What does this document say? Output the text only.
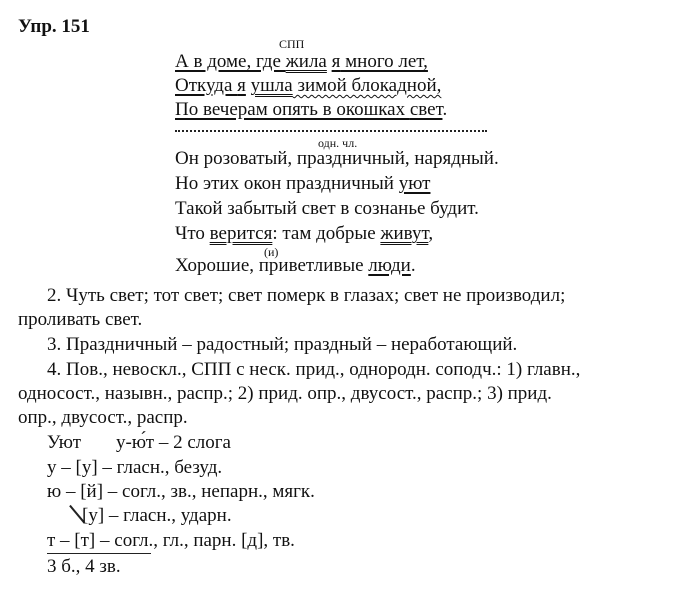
Упр. 151
СПП
А в доме, где жила я много лет,
Откуда я ушла зимой блокадной,
По вечерам опять в окошках свет.
одн. чл.
Он розоватый, праздничный, нарядный.
Но этих окон праздничный уют
Такой забытый свет в сознанье будит.
Что верится: там добрые живут,
(и)
Хорошие, приветливые люди.
2. Чуть свет; тот свет; свет померк в глазах; свет не производил;
проливать свет.
3. Праздничный – радостный; праздный – неработающий.
4. Пов., невоскл., СПП с неск. прид., однородн. соподч.: 1) главн.,
односост., назывн., распр.; 2) прид. опр., двусост., распр.; 3) прид.
опр., двусост., распр.
Уют у-ю́т – 2 слога
у – [у] – гласн., безуд.
ю – [й] – согл., зв., непарн., мягк.
[у] – гласн., ударн.
т – [т] – согл., гл., парн. [д], тв.
3 б., 4 зв.
